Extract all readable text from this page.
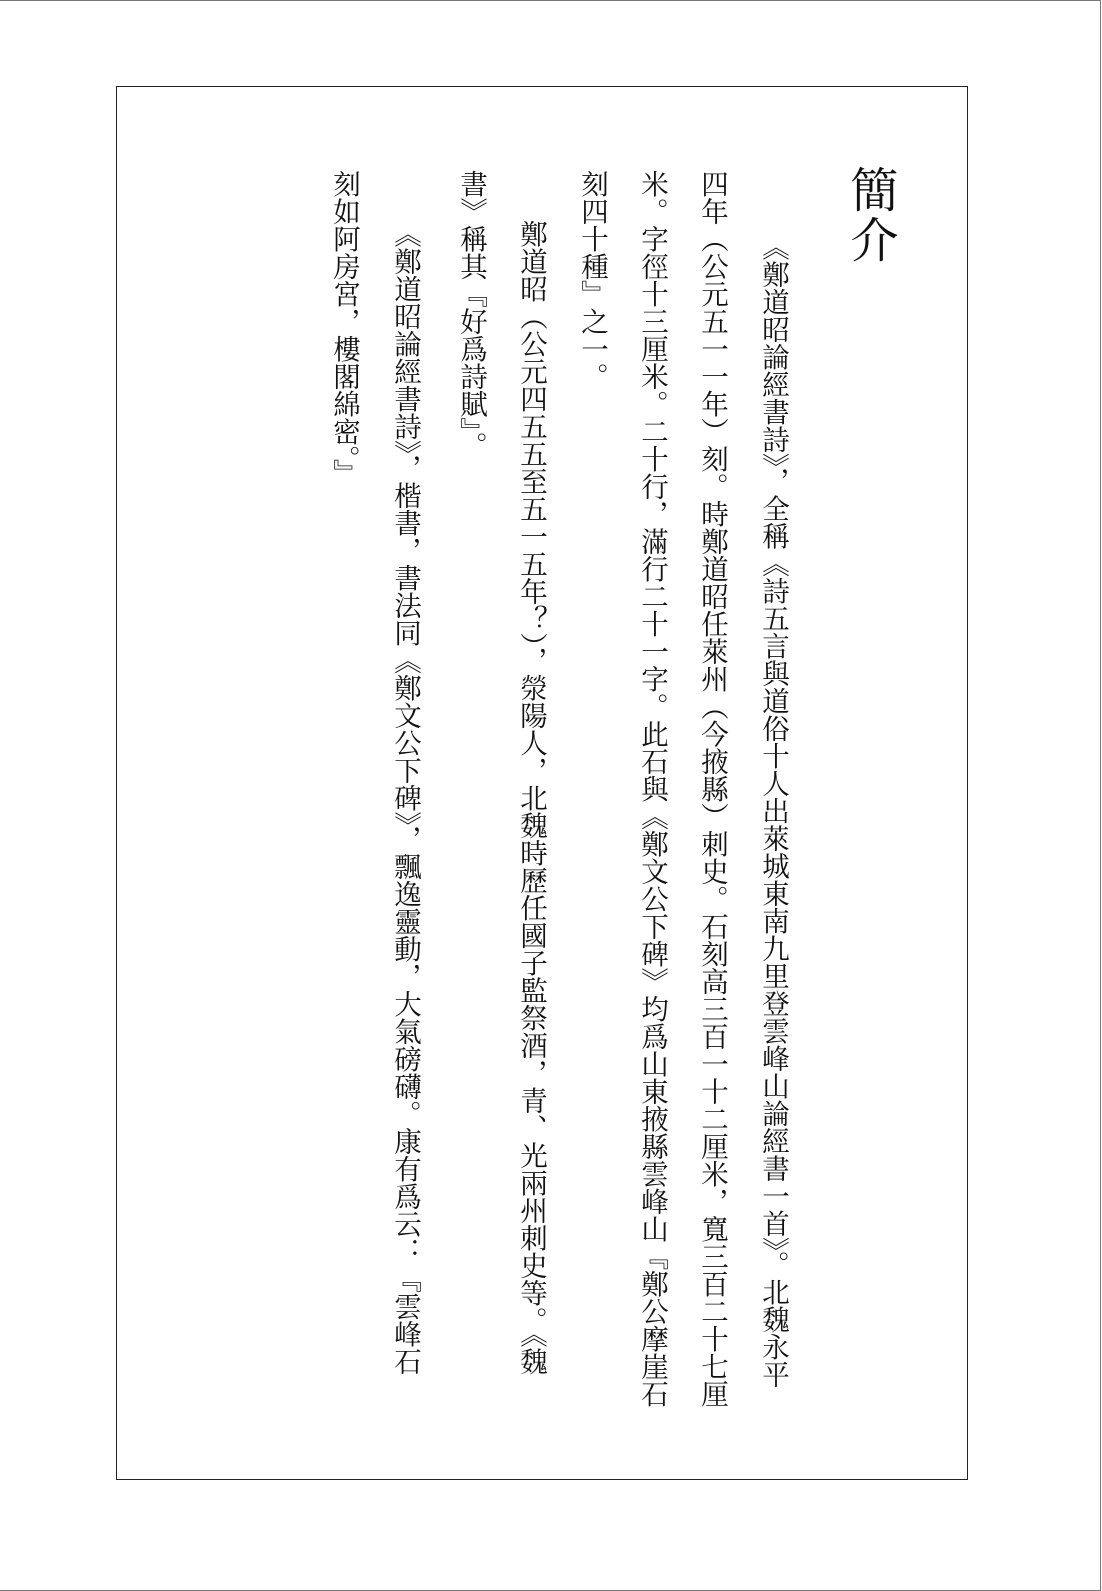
簡介
《鄭道昭論經書詩》，全稱《詩五言與道俗十人出萊城東南九里登雲峰山論經書一首》。北魏永平
四年（公元五一一年）刻。時鄭道昭任萊州（今掖縣）刺史。石刻高三百一十二厘米，寬三百二十七厘
米。字徑十三厘米。二十行，滿行二十一字。此石與《鄭文公下碑》均爲山東掖縣雲峰山『鄭公摩崖石
刻四十種』之一。
鄭道昭（公元四五五至五一五年？），滎陽人，北魏時歷任國子監祭酒，青、光兩州刺史等。《魏
書》稱其『好爲詩賦』。
《鄭道昭論經書詩》，楷書，書法同《鄭文公下碑》，飄逸靈動，大氣磅礴。康有爲云：『雲峰石
刻如阿房宮，樓閣綿密。』
